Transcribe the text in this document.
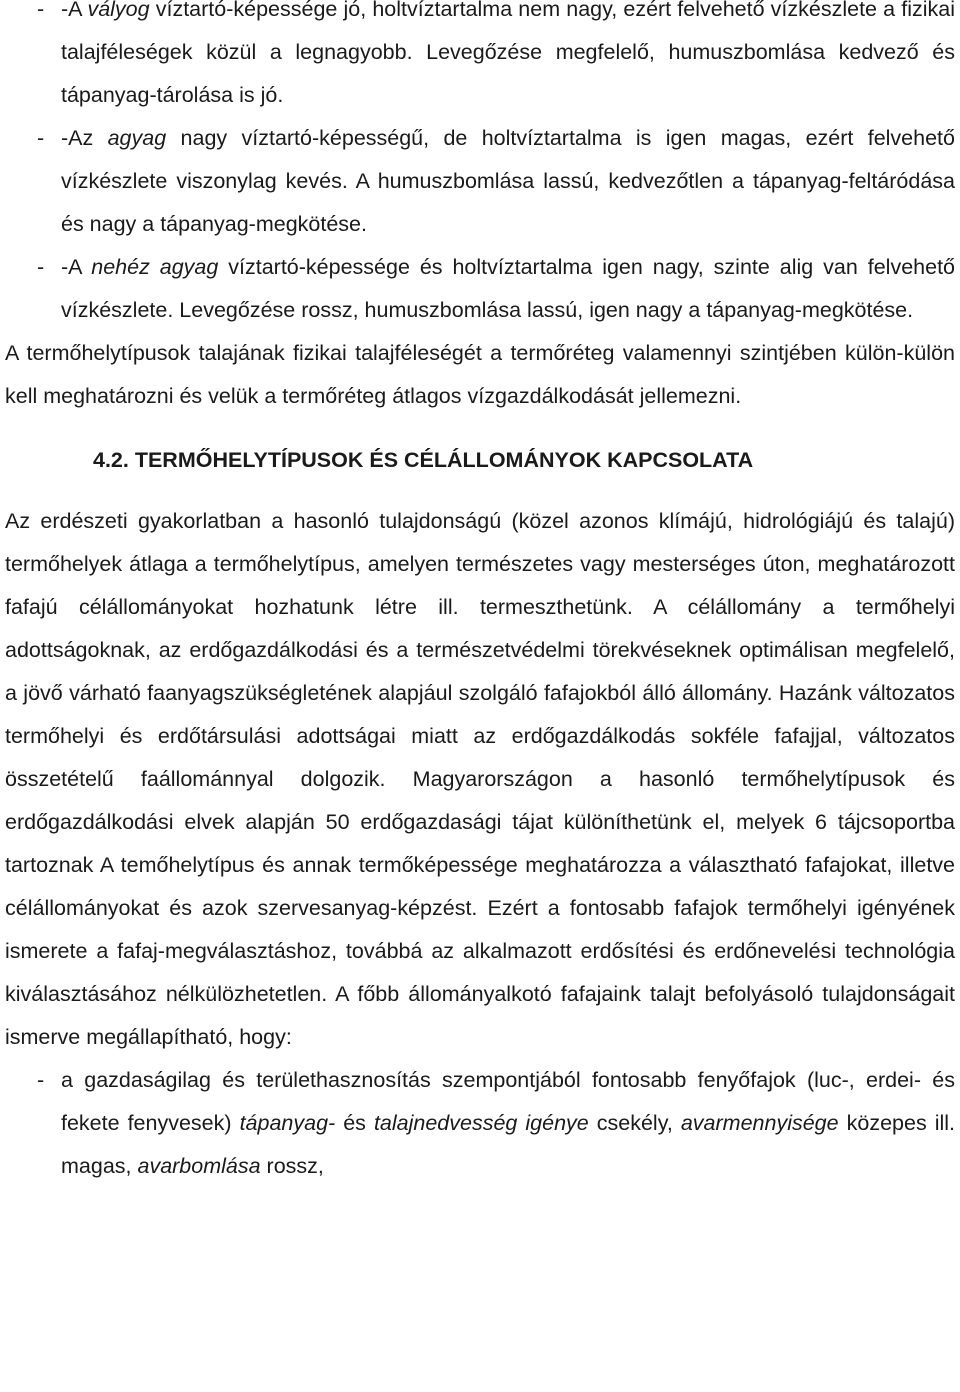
- -A vályog víztartó-képessége jó, holtvíztartalma nem nagy, ezért felvehető vízkészlete a fizikai talajféleségek közül a legnagyobb. Levegőzése megfelelő, humuszbomlása kedvező és tápanyag-tárolása is jó.

- -Az agyag nagy víztartó-képességű, de holtvíztartalma is igen magas, ezért felvehető vízkészlete viszonylag kevés. A humuszbomlása lassú, kedvezőtlen a tápanyag-feltáródása és nagy a tápanyag-megkötése.

- -A nehéz agyag víztartó-képessége és holtvíztartalma igen nagy, szinte alig van felvehető vízkészlete. Levegőzése rossz, humuszbomlása lassú, igen nagy a tápanyag-megkötése.

A termőhelytípusok talajának fizikai talajféleségét a termőréteg valamennyi szintjében külön-külön kell meghatározni és velük a termőréteg átlagos vízgazdálkodását jellemezni.

4.2. TERMŐHELYTÍPUSOK ÉS CÉLÁLLOMÁNYOK KAPCSOLATA

Az erdészeti gyakorlatban a hasonló tulajdonságú (közel azonos klímájú, hidrológiájú és talajú) termőhelyek átlaga a termőhelytípus, amelyen természetes vagy mesterséges úton, meghatározott fafajú célállományokat hozhatunk létre ill. termeszthetünk. A célállomány a termőhelyi adottságoknak, az erdőgazdálkodási és a természetvédelmi törekvéseknek optimálisan megfelelő, a jövő várható faanyagszükségletének alapjául szolgáló fafajokból álló állomány. Hazánk változatos termőhelyi és erdőtársulási adottságai miatt az erdőgazdálkodás sokféle fafajjal, változatos összetételű faállománnyal dolgozik. Magyarországon a hasonló termőhelytípusok és erdőgazdálkodási elvek alapján 50 erdőgazdasági tájat különíthetünk el, melyek 6 tájcsoportba tartoznak A temőhelytípus és annak termőképessége meghatározza a választható fafajokat, illetve célállományokat és azok szervesanyag-képzést. Ezért a fontosabb fafajok termőhelyi igényének ismerete a fafaj-megválasztáshoz, továbbá az alkalmazott erdősítési és erdőnevelési technológia kiválasztásához nélkülözhetetlen. A főbb állományalkotó fafajaink talajt befolyásoló tulajdonságait ismerve megállapítható, hogy:

- a gazdaságilag és területhasznosítás szempontjából fontosabb fenyőfajok (luc-, erdei- és fekete fenyvesek) tápanyag- és talajnedvesség igénye csekély, avarmennyisége közepes ill. magas, avarbomlása rossz,
